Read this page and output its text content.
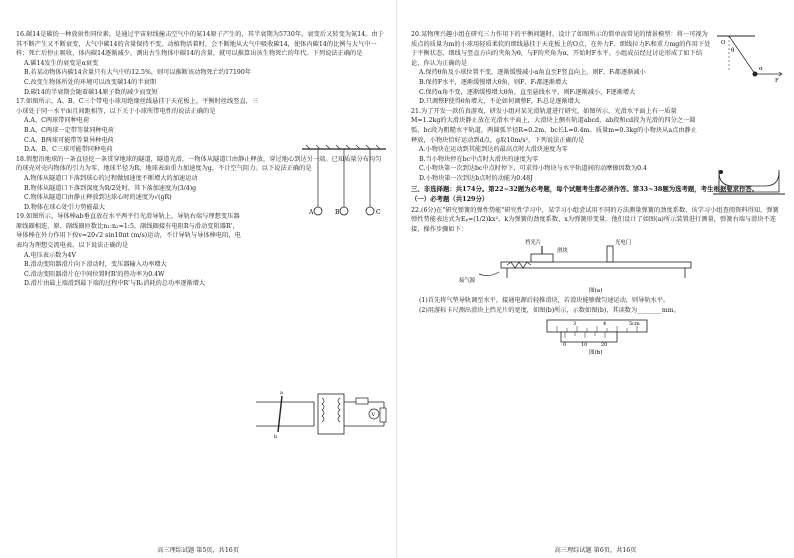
16.碳14是碳的一种放射性同位素，是通过宇宙射线撞击空气中的氮14原子产生的，其半衰期为5730年，衰变后又转变为氮14。由于其不断产生又不断衰变，大气中碳14的含量保持不变。动植物活着时，会不断地从大气中吸收碳14，使体内碳14的比例与大气中一样；死亡后停止吸收，体内碳14逐渐减少。测出古生物体中碳14的含量，就可以推算出该生物死亡的年代。下列说法正确的是

A.碳14发生的衰变是α衰变

B.若某动物体内碳14含量只有大气中的12.5%，则可以推断该动物死亡约17190年

C.改变生物体所处的环境可以改变碳14的半衰期

D.碳14的半衰期会随着碳14原子数的减少而变短

17.如图所示，A、B、C三个带电小球用绝缘丝线悬挂于天花板上，平衡时丝线竖直，三小球处于同一水平面且间距相等，以下关于小球所带电性的说法正确的是

A.A、C两球带同种电荷

B.A、C两球一定带等量同种电荷

C.A、B两球可能带等量异种电荷

D.A、B、C三球可能带同种电荷

18.假想沿地球的一条直径挖一条贯穿地球的隧道，隧道光滑，一物体从隧道口由静止释放，穿过地心到达另一端。已知质量分布均匀的球壳对壳内物体的引力为零，地球半径为R，地球表面重力加速度为g，不计空气阻力。以下说法正确的是

A.物体从隧道口下落到球心的过程做加速度不断增大的加速运动

B.物体从隧道口下落到深度为R/2处时，其下落加速度为(3/4)g

C.物体从隧道口由静止释放到达球心时的速度为√(gR)

D.物体在球心处引力势能最大

19.如图所示，导体棒ab垂直放在水平两平行光滑导轨上，导轨右端与理想变压器原线圈相连，原、副线圈匝数比n₁:n₂=1:5，副线圈接有电阻R与滑动变阻器R'，导体棒在外力作用下按v=20√2 sin10πt (m/s)运动，不计导轨与导体棒电阻，电表均为理想交流电表。以下说法正确的是

A.电压表示数为4V

B.滑动变阻器滑片向下滑动时，变压器输入功率增大

C.滑动变阻器滑片在中间位置时R'的热功率为0.4W

D.滑片由最上端滑到最下端的过程中R'与R₁消耗的总功率逐渐增大

A	B	C
a
b
V
高三理综试题 第5页，共16页

20.某物理兴趣小组在研究三力作用下的平衡问题时，设计了如图所示的简单而常见的情景模型：将一可视为质点的质量为m的小球用轻质柔软的细线悬挂于天花板上的O点，在外力F、细线拉力Fₜ和重力mg的作用下处于平衡状态，细线与竖直方向的夹角为θ，与F的夹角为α，开始时F水平。小组成员经过讨论形成了如下结论，你认为正确的是

A.保持θ角及小球位置不变，逐渐缓慢减小α角直至F竖直向上，则F、Fₜ都逐渐减小

B.保持F水平，逐渐缓慢增大θ角，则F、Fₜ都逐渐增大

C.保持α角不变，逐渐缓慢增大θ角，直至悬线水平，则Fₜ逐渐减小，F逐渐增大

D.只调整F使得θ角增大，不论如何调整F，Fₜ总是逐渐增大

21.为了开发一款仿真游戏，研发小组对某光滑轨道进行研究。如图所示，光滑水平面上有一质量M=1.2kg的大滑块静止放在光滑水平面上，大滑块上侧有轨道abcd，ab段和cd段为光滑的四分之一圆弧，bc段为粗糙水平轨道，两圆弧半径R=0.2m，bc长L=0.4m。质量m=0.3kg的小物块从a点由静止释放，小物块恰好运动到d点，g取10m/s²，下列说法正确的是

A.小物块在运动到其能到达的最高点时大滑块速度为零

B.当小物块停在bc中点时大滑块的速度为零

C.小物块第一次到达bc中点时停下，可求得小物块与水平轨道间的动摩擦因数为0.4

D.小物块第一次到达b点时的动能为0.48J

三、非选择题：共174分。第22~32题为必考题，每个试题考生都必须作答。第33~38题为选考题，考生根据要求作答。

（一）必考题（共129分）

22.(6分)在"研究弹簧的弹性势能"研究性学习中，某学习小组尝试用不同的方法测量弹簧的劲度系数，该学习小组查阅资料得知，弹簧弹性势能表达式为Eₚ=(1/2)kx²，k为弹簧的劲度系数，x为弹簧形变量。他们设计了如图(a)所示装置进行测量，弹簧右端与滑块不连接，操作步骤如下：

挡光片	光电门
滑块
接气源
图(a)

(1)首先将气垫导轨调至水平，接通电源后轻推滑块，若滑块能够做匀速运动，则导轨水平。

(2)用游标卡尺测出滑块上挡光片的宽度，如图(b)所示，示数如图(b)，其读数为________mm。

3	4	5cm
0	10	20
图(b)
O
θ
α
F
高三理综试题 第6页，共16页
